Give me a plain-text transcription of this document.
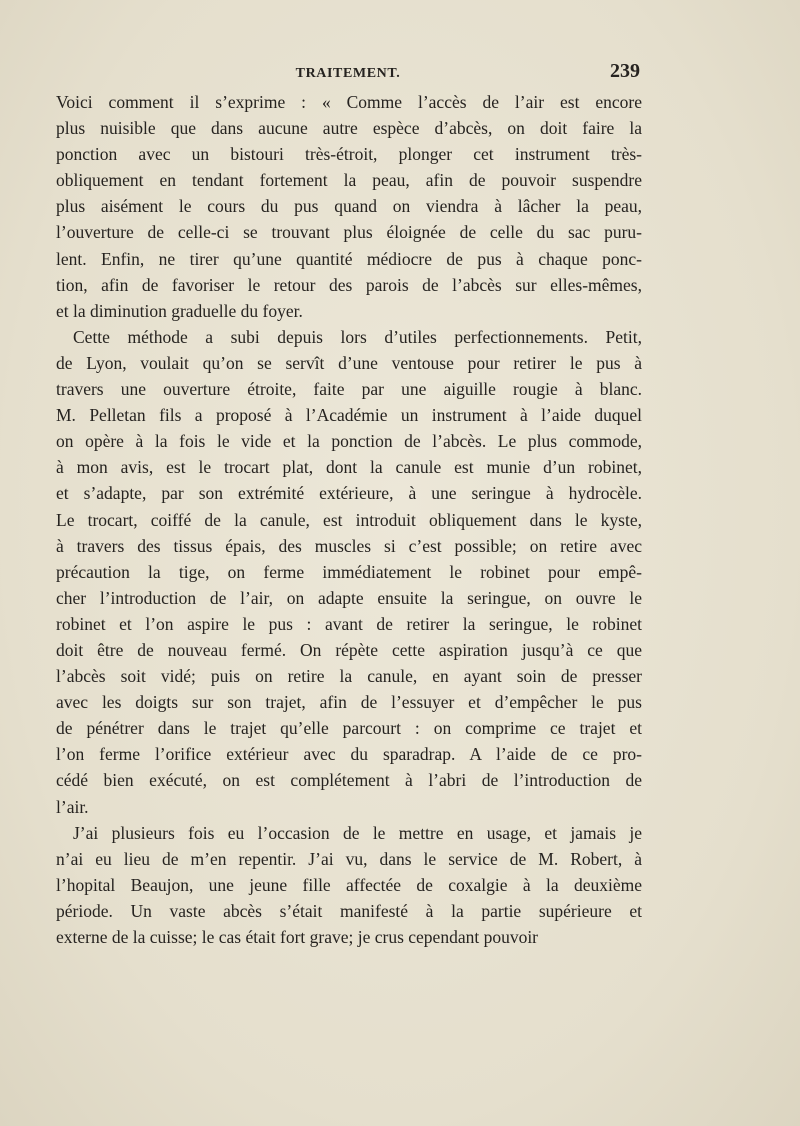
TRAITEMENT.	239
Voici comment il s’exprime : « Comme l’accès de l’air est encore
plus nuisible que dans aucune autre espèce d’abcès, on doit faire la
ponction avec un bistouri très-étroit, plonger cet instrument très-
obliquement en tendant fortement la peau, afin de pouvoir suspendre
plus aisément le cours du pus quand on viendra à lâcher la peau,
l’ouverture de celle-ci se trouvant plus éloignée de celle du sac puru-
lent. Enfin, ne tirer qu’une quantité médiocre de pus à chaque ponc-
tion, afin de favoriser le retour des parois de l’abcès sur elles-mêmes,
et la diminution graduelle du foyer.
Cette méthode a subi depuis lors d’utiles perfectionnements. Petit,
de Lyon, voulait qu’on se servît d’une ventouse pour retirer le pus à
travers une ouverture étroite, faite par une aiguille rougie à blanc.
M. Pelletan fils a proposé à l’Académie un instrument à l’aide duquel
on opère à la fois le vide et la ponction de l’abcès. Le plus commode,
à mon avis, est le trocart plat, dont la canule est munie d’un robinet,
et s’adapte, par son extrémité extérieure, à une seringue à hydrocèle.
Le trocart, coiffé de la canule, est introduit obliquement dans le kyste,
à travers des tissus épais, des muscles si c’est possible; on retire avec
précaution la tige, on ferme immédiatement le robinet pour empê-
cher l’introduction de l’air, on adapte ensuite la seringue, on ouvre le
robinet et l’on aspire le pus : avant de retirer la seringue, le robinet
doit être de nouveau fermé. On répète cette aspiration jusqu’à ce que
l’abcès soit vidé; puis on retire la canule, en ayant soin de presser
avec les doigts sur son trajet, afin de l’essuyer et d’empêcher le pus
de pénétrer dans le trajet qu’elle parcourt : on comprime ce trajet et
l’on ferme l’orifice extérieur avec du sparadrap. A l’aide de ce pro-
cédé bien exécuté, on est complétement à l’abri de l’introduction de
l’air.
J’ai plusieurs fois eu l’occasion de le mettre en usage, et jamais je
n’ai eu lieu de m’en repentir. J’ai vu, dans le service de M. Robert, à
l’hopital Beaujon, une jeune fille affectée de coxalgie à la deuxième
période. Un vaste abcès s’était manifesté à la partie supérieure et
externe de la cuisse; le cas était fort grave; je crus cependant pouvoir
